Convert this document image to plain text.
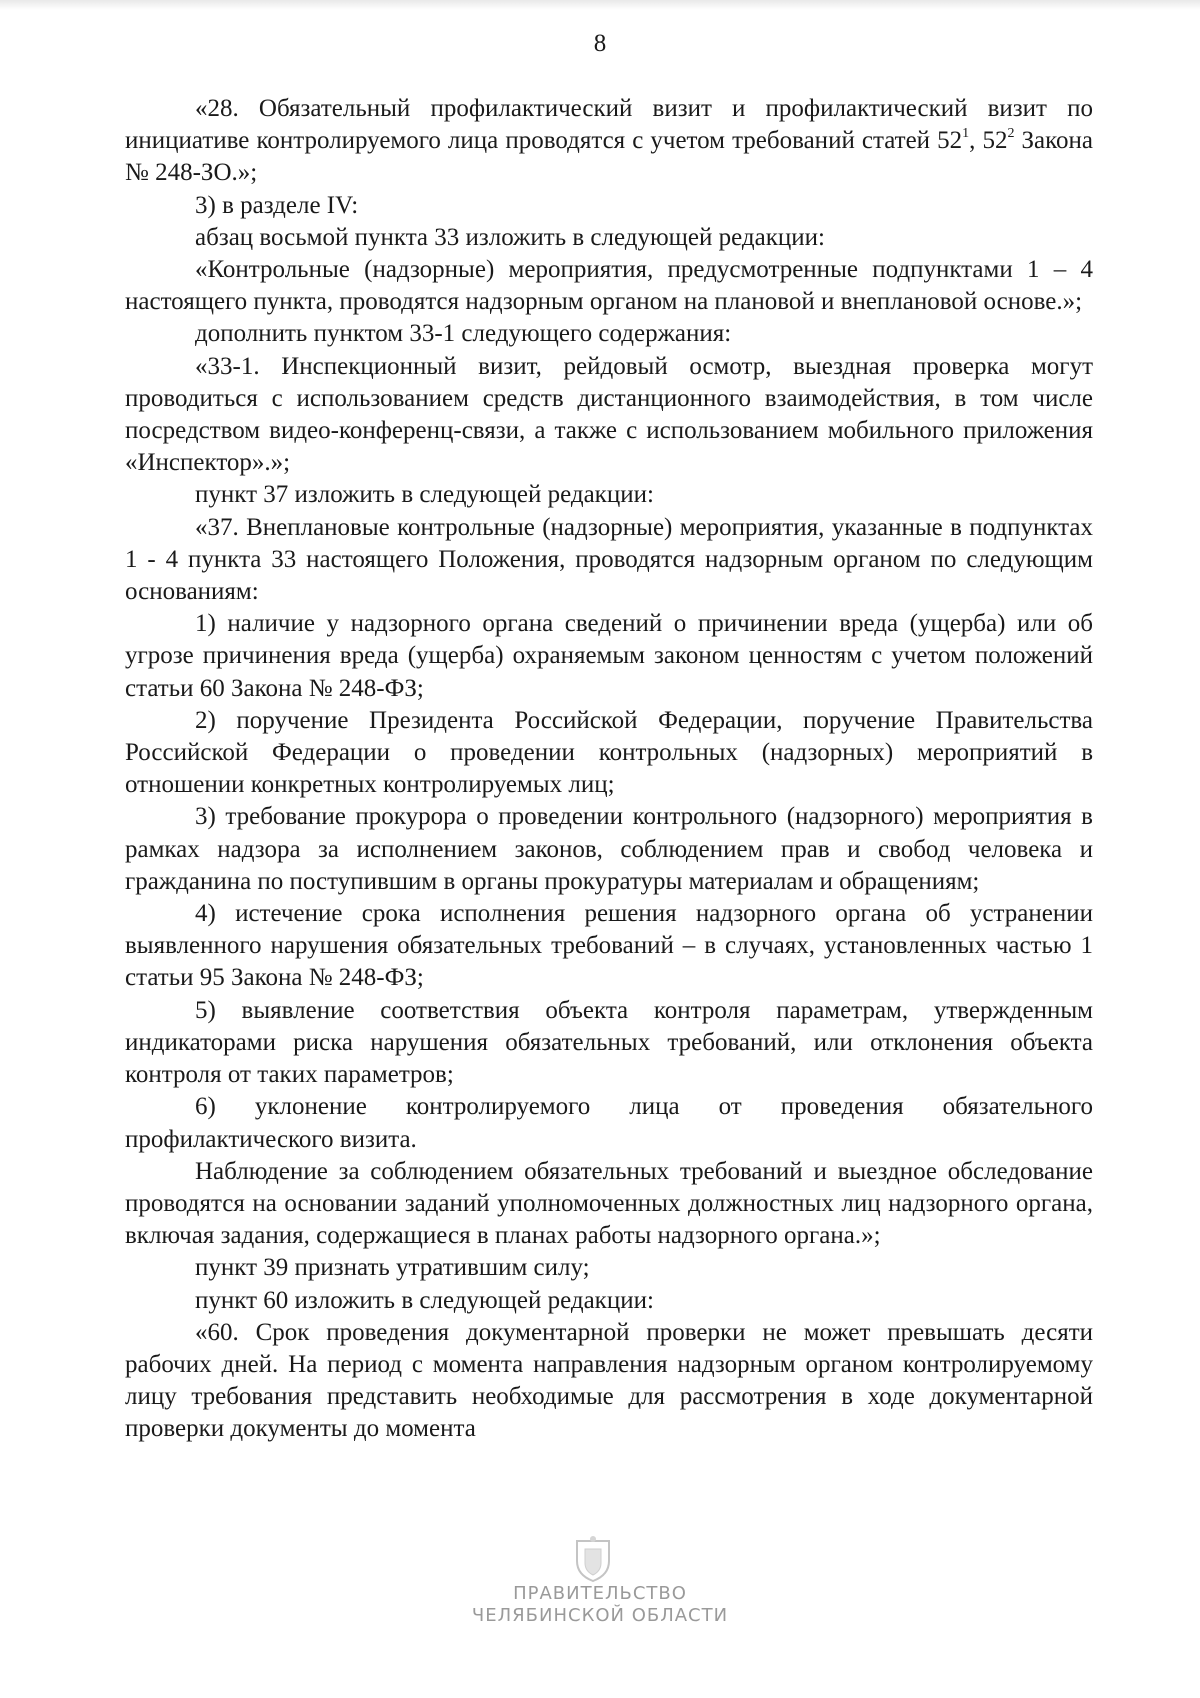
8

«28. Обязательный профилактический визит и профилактический визит по инициативе контролируемого лица проводятся с учетом требований статей $52^1$, $52^2$ Закона № 248-ЗО.»;

3) в разделе IV:

абзац восьмой пункта 33 изложить в следующей редакции:

«Контрольные (надзорные) мероприятия, предусмотренные подпунктами 1 – 4 настоящего пункта, проводятся надзорным органом на плановой и внеплановой основе.»;

дополнить пунктом 33-1 следующего содержания:

«33-1. Инспекционный визит, рейдовый осмотр, выездная проверка могут проводиться с использованием средств дистанционного взаимодействия, в том числе посредством видео-конференц-связи, а также с использованием мобильного приложения «Инспектор».»;

пункт 37 изложить в следующей редакции:

«37. Внеплановые контрольные (надзорные) мероприятия, указанные в подпунктах 1 - 4 пункта 33 настоящего Положения, проводятся надзорным органом по следующим основаниям:

1) наличие у надзорного органа сведений о причинении вреда (ущерба) или об угрозе причинения вреда (ущерба) охраняемым законом ценностям с учетом положений статьи 60 Закона № 248-ФЗ;

2) поручение Президента Российской Федерации, поручение Правительства Российской Федерации о проведении контрольных (надзорных) мероприятий в отношении конкретных контролируемых лиц;

3) требование прокурора о проведении контрольного (надзорного) мероприятия в рамках надзора за исполнением законов, соблюдением прав и свобод человека и гражданина по поступившим в органы прокуратуры материалам и обращениям;

4) истечение срока исполнения решения надзорного органа об устранении выявленного нарушения обязательных требований – в случаях, установленных частью 1 статьи 95 Закона № 248-ФЗ;

5) выявление соответствия объекта контроля параметрам, утвержденным индикаторами риска нарушения обязательных требований, или отклонения объекта контроля от таких параметров;

6) уклонение контролируемого лица от проведения обязательного профилактического визита.

Наблюдение за соблюдением обязательных требований и выездное обследование проводятся на основании заданий уполномоченных должностных лиц надзорного органа, включая задания, содержащиеся в планах работы надзорного органа.»;

пункт 39 признать утратившим силу;

пункт 60 изложить в следующей редакции:

«60. Срок проведения документарной проверки не может превышать десяти рабочих дней. На период с момента направления надзорным органом контролируемому лицу требования представить необходимые для рассмотрения в ходе документарной проверки документы до момента

ПРАВИТЕЛЬСТВО
ЧЕЛЯБИНСКОЙ ОБЛАСТИ
